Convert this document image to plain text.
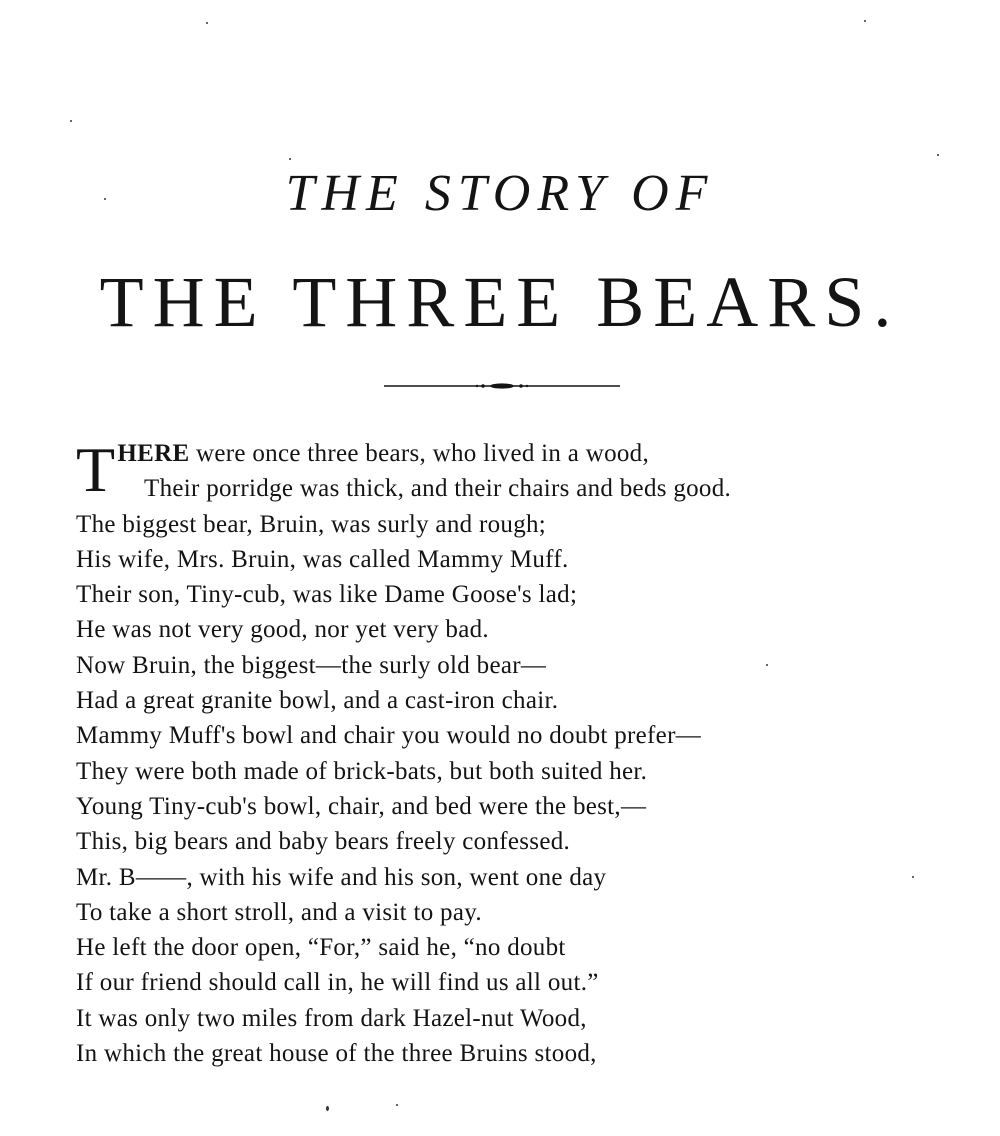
THE STORY OF
THE THREE BEARS.
THERE were once three bears, who lived in a wood,
Their porridge was thick, and their chairs and beds good.
The biggest bear, Bruin, was surly and rough;
His wife, Mrs. Bruin, was called Mammy Muff.
Their son, Tiny-cub, was like Dame Goose's lad;
He was not very good, nor yet very bad.
Now Bruin, the biggest—the surly old bear—
Had a great granite bowl, and a cast-iron chair.
Mammy Muff's bowl and chair you would no doubt prefer—
They were both made of brick-bats, but both suited her.
Young Tiny-cub's bowl, chair, and bed were the best,—
This, big bears and baby bears freely confessed.
Mr. B——, with his wife and his son, went one day
To take a short stroll, and a visit to pay.
He left the door open, “For,” said he, “no doubt
If our friend should call in, he will find us all out.”
It was only two miles from dark Hazel-nut Wood,
In which the great house of the three Bruins stood,
